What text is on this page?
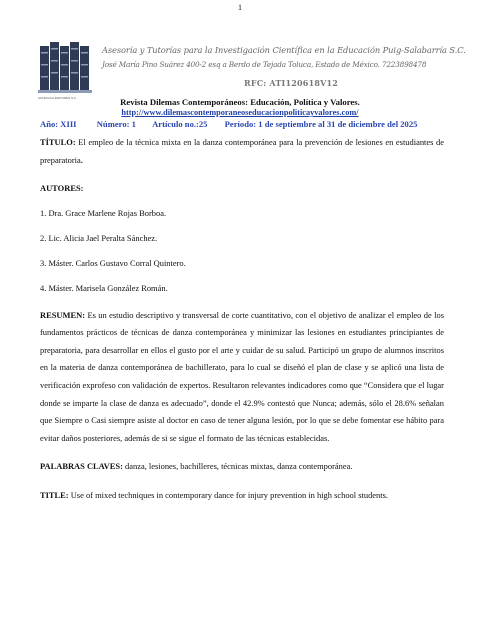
1
ASI EDUCA EDITORES S.C.
Asesoría y Tutorías para la Investigación Científica en la Educación Puig-Salabarría S.C.
José María Pino Suárez 400-2 esq a Berdo de Tejada Toluca, Estado de México. 7223898478
RFC: ATI120618V12
Revista Dilemas Contemporáneos: Educación, Política y Valores.
http://www.dilemascontemporaneoseducacionpoliticayvalores.com/
Año: XIII Número: 1 Artículo no.:25 Período: 1 de septiembre al 31 de diciembre del 2025

TÍTULO: El empleo de la técnica mixta en la danza contemporánea para la prevención de lesiones en estudiantes de preparatoria.

AUTORES:

1. Dra. Grace Marlene Rojas Borboa.

2. Lic. Alicia Jael Peralta Sánchez.

3. Máster. Carlos Gustavo Corral Quintero.

4. Máster. Marisela González Román.

RESUMEN: Es un estudio descriptivo y transversal de corte cuantitativo, con el objetivo de analizar el empleo de los fundamentos prácticos de técnicas de danza contemporánea y minimizar las lesiones en estudiantes principiantes de preparatoria, para desarrollar en ellos el gusto por el arte y cuidar de su salud. Participó un grupo de alumnos inscritos en la materia de danza contemporánea de bachillerato, para lo cual se diseñó el plan de clase y se aplicó una lista de verificación exprofeso con validación de expertos. Resultaron relevantes indicadores como que “Considera que el lugar donde se imparte la clase de danza es adecuado”, donde el 42.9% contestó que Nunca; además, sólo el 28.6% señalan que Siempre o Casi siempre asiste al doctor en caso de tener alguna lesión, por lo que se debe fomentar ese hábito para evitar daños posteriores, además de si se sigue el formato de las técnicas establecidas.

PALABRAS CLAVES: danza, lesiones, bachilleres, técnicas mixtas, danza contemporánea.

TITLE: Use of mixed techniques in contemporary dance for injury prevention in high school students.
